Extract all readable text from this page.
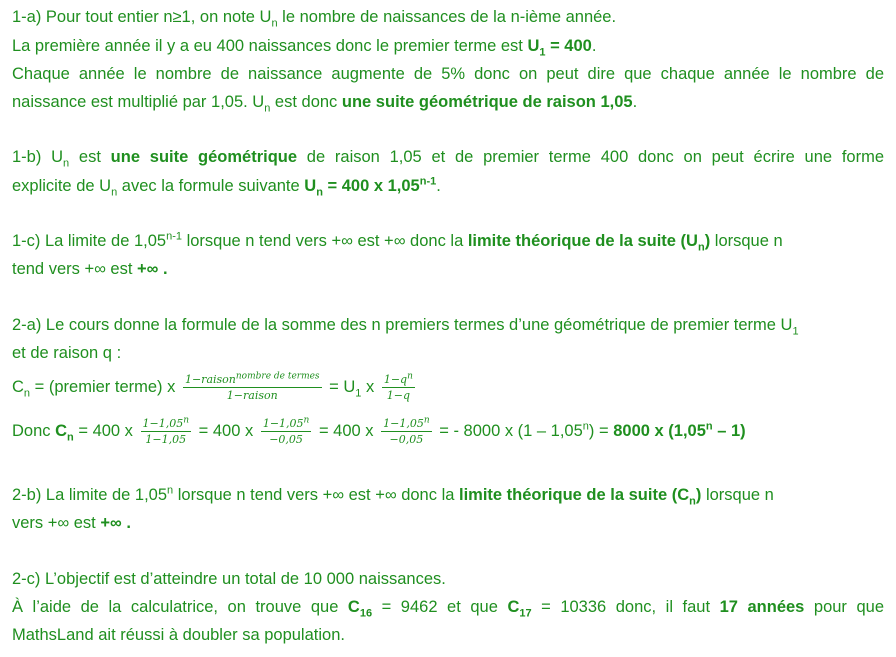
1-a) Pour tout entier n≥1, on note $U_n$ le nombre de naissances de la n-ième année.
La première année il y a eu 400 naissances donc le premier terme est $U_1 = 400$.
Chaque année le nombre de naissance augmente de 5% donc on peut dire que chaque année le nombre de
naissance est multiplié par 1,05. $U_n$ est donc une suite géométrique de raison 1,05.
1-b) $U_n$ est une suite géométrique de raison 1,05 et de premier terme 400 donc on peut écrire une forme
explicite de $U_n$ avec la formule suivante $U_n = 400$ x 1,05$^{n-1}$.
1-c) La limite de 1,05$^{n-1}$ lorsque n tend vers +∞ est +∞ donc la limite théorique de la suite $(U_n)$ lorsque n
tend vers +∞ est +∞ .
2-a) Le cours donne la formule de la somme des n premiers termes d’une géométrique de premier terme $U_1$
et de raison q :
$C_n$ = (premier terme) x $\frac{1-raison^{nombre de termes}}{\text{1−raison}} = U_1$ x $\frac{1-q^n}{1-q}$
Donc $C_n = 400$ x $\frac{1-1,05^n}{1-1,05} = 400$ x $\frac{1-1,05^n}{-0,05} = 400$ x $\frac{1-1,05^n}{-0,05}$ = - 8000 x $(1 - 1,05^n) = 8000$ x (1,05$^n$ – 1)
2-b) La limite de 1,05$^n$ lorsque n tend vers +∞ est +∞ donc la limite théorique de la suite $(C_n)$ lorsque n
vers +∞ est +∞ .
2-c) L’objectif est d’atteindre un total de 10 000 naissances.
À l’aide de la calculatrice, on trouve que $C_{16} = 9462$ et que $C_{17} = 10336$ donc, il faut 17 années pour que
MathsLand ait réussi à doubler sa population.
